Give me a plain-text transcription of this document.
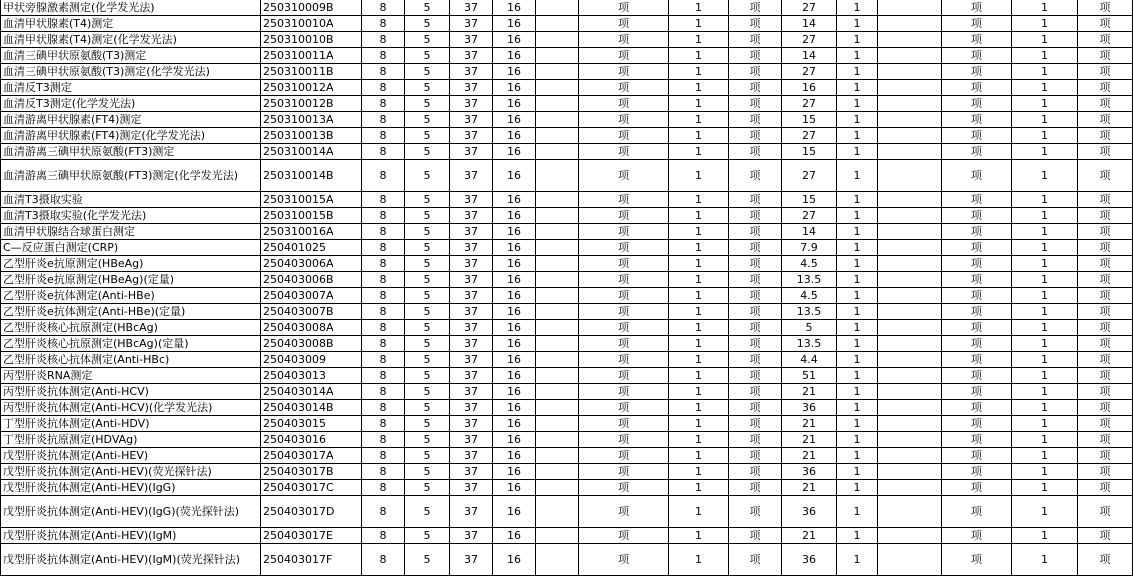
甲状旁腺激素测定(化学发光法)	250310009B	8	5	37	16		项	1	项	27	1		项	1	项
血清甲状腺素(T4)测定	250310010A	8	5	37	16		项	1	项	14	1		项	1	项
血清甲状腺素(T4)测定(化学发光法)	250310010B	8	5	37	16		项	1	项	27	1		项	1	项
血清三碘甲状原氨酸(T3)测定	250310011A	8	5	37	16		项	1	项	14	1		项	1	项
血清三碘甲状原氨酸(T3)测定(化学发光法)	250310011B	8	5	37	16		项	1	项	27	1		项	1	项
血清反T3测定	250310012A	8	5	37	16		项	1	项	16	1		项	1	项
血清反T3测定(化学发光法)	250310012B	8	5	37	16		项	1	项	27	1		项	1	项
血清游离甲状腺素(FT4)测定	250310013A	8	5	37	16		项	1	项	15	1		项	1	项
血清游离甲状腺素(FT4)测定(化学发光法)	250310013B	8	5	37	16		项	1	项	27	1		项	1	项
血清游离三碘甲状原氨酸(FT3)测定	250310014A	8	5	37	16		项	1	项	15	1		项	1	项
血清游离三碘甲状原氨酸(FT3)测定(化学发光法)	250310014B	8	5	37	16		项	1	项	27	1		项	1	项
血清T3摄取实验	250310015A	8	5	37	16		项	1	项	15	1		项	1	项
血清T3摄取实验(化学发光法)	250310015B	8	5	37	16		项	1	项	27	1		项	1	项
血清甲状腺结合球蛋白测定	250310016A	8	5	37	16		项	1	项	14	1		项	1	项
C—反应蛋白测定(CRP)	250401025	8	5	37	16		项	1	项	7.9	1		项	1	项
乙型肝炎e抗原测定(HBeAg)	250403006A	8	5	37	16		项	1	项	4.5	1		项	1	项
乙型肝炎e抗原测定(HBeAg)(定量)	250403006B	8	5	37	16		项	1	项	13.5	1		项	1	项
乙型肝炎e抗体测定(Anti-HBe)	250403007A	8	5	37	16		项	1	项	4.5	1		项	1	项
乙型肝炎e抗体测定(Anti-HBe)(定量)	250403007B	8	5	37	16		项	1	项	13.5	1		项	1	项
乙型肝炎核心抗原测定(HBcAg)	250403008A	8	5	37	16		项	1	项	5	1		项	1	项
乙型肝炎核心抗原测定(HBcAg)(定量)	250403008B	8	5	37	16		项	1	项	13.5	1		项	1	项
乙型肝炎核心抗体测定(Anti-HBc)	250403009	8	5	37	16		项	1	项	4.4	1		项	1	项
丙型肝炎RNA测定	250403013	8	5	37	16		项	1	项	51	1		项	1	项
丙型肝炎抗体测定(Anti-HCV)	250403014A	8	5	37	16		项	1	项	21	1		项	1	项
丙型肝炎抗体测定(Anti-HCV)(化学发光法)	250403014B	8	5	37	16		项	1	项	36	1		项	1	项
丁型肝炎抗体测定(Anti-HDV)	250403015	8	5	37	16		项	1	项	21	1		项	1	项
丁型肝炎抗原测定(HDVAg)	250403016	8	5	37	16		项	1	项	21	1		项	1	项
戊型肝炎抗体测定(Anti-HEV)	250403017A	8	5	37	16		项	1	项	21	1		项	1	项
戊型肝炎抗体测定(Anti-HEV)(荧光探针法)	250403017B	8	5	37	16		项	1	项	36	1		项	1	项
戊型肝炎抗体测定(Anti-HEV)(IgG)	250403017C	8	5	37	16		项	1	项	21	1		项	1	项
戊型肝炎抗体测定(Anti-HEV)(IgG)(荧光探针法)	250403017D	8	5	37	16		项	1	项	36	1		项	1	项
戊型肝炎抗体测定(Anti-HEV)(IgM)	250403017E	8	5	37	16		项	1	项	21	1		项	1	项
戊型肝炎抗体测定(Anti-HEV)(IgM)(荧光探针法)	250403017F	8	5	37	16		项	1	项	36	1		项	1	项
